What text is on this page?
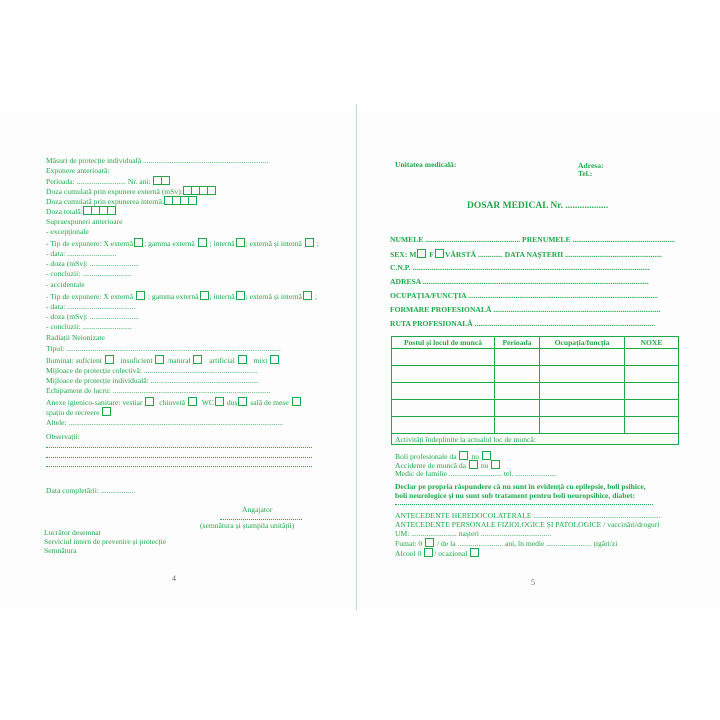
Măsuri de protecție individuală ..................................................................
Expunere anterioară:
Perioada: .......................... Nr. ani:
Doza cumulată prin expunere externă (mSv):
Doza cumulată prin expunerea internă:
Doza totală:
Supraexpuneri anterioare
- excepționale
- Tip de expunere: X externă ; gamma externă ; internă ; externă și internă ;
- data: ..........................
- doza (mSv): ..........................
- concluzii: ..........................
- accidentale
- Tip de expunere: X externă ; gamma externă ; internă ; externă și internă ;
- data: ....................................
- doza (mSv): ..........................
- concluzii: ..........................
Radiații Neionizate
Tipul: .................................................................................................................
Iluminat: suficient insuficient /natural artificial mixt
Mijloace de protecție colectivă: ............................................................
Mijloace de protecție individuală: .........................................................
Echipament de lucru: ...................................................................................
Anexe igienico-sanitare: vestiar chiuvetă WC duș sală de mese
spațiu de recreere
Altele: .................................................................................................................
Observații:
Data completării: ..................
Angajator
(semnătura și ștampila unității)
Lucrător desemnat
Serviciul intern de prevenire și protecție
Semnătura
4
Unitatea medicală:	Adresa:
Tel.:
DOSAR MEDICAL Nr. ..................
NUMELE .................................................. PRENUMELE ......................................................
SEX: M F VÂRSTĂ ............. DATA NAȘTERII ...................................................
C.N.P. .............................................................................................................................
ADRESA .......................................................................................................................
OCUPAȚIA/FUNCȚIA ....................................................................................................
FORMARE PROFESIONALĂ ........................................................................................
RUTA PROFESIONALĂ ...............................................................................................
Postul și locul de muncă	Perioada	Ocupația/funcția	NOXE

Activități îndeplinite la actualul loc de muncă:			
Boli profesionale da nu
Accidente de muncă da nu
Medic de familie ............................ tel. ......................
Declar pe propria răspundere că nu sunt în evidență cu epilepsie, boli psihice,
boli neurologice și nu sunt sub tratament pentru boli neuropsihice, diabet:
ANTECEDENTE HEREDOCOLATERALE ...................................................................
ANTECEDENTE PERSONALE FIZIOLOGICE ȘI PATOLOGICE / vaccinări/droguri
UM: ........................ nașteri .....................................
Fumat: 0 / de la ........................ ani, în medie ........................ țigări/zi
Alcool 0 / ocazional
5
